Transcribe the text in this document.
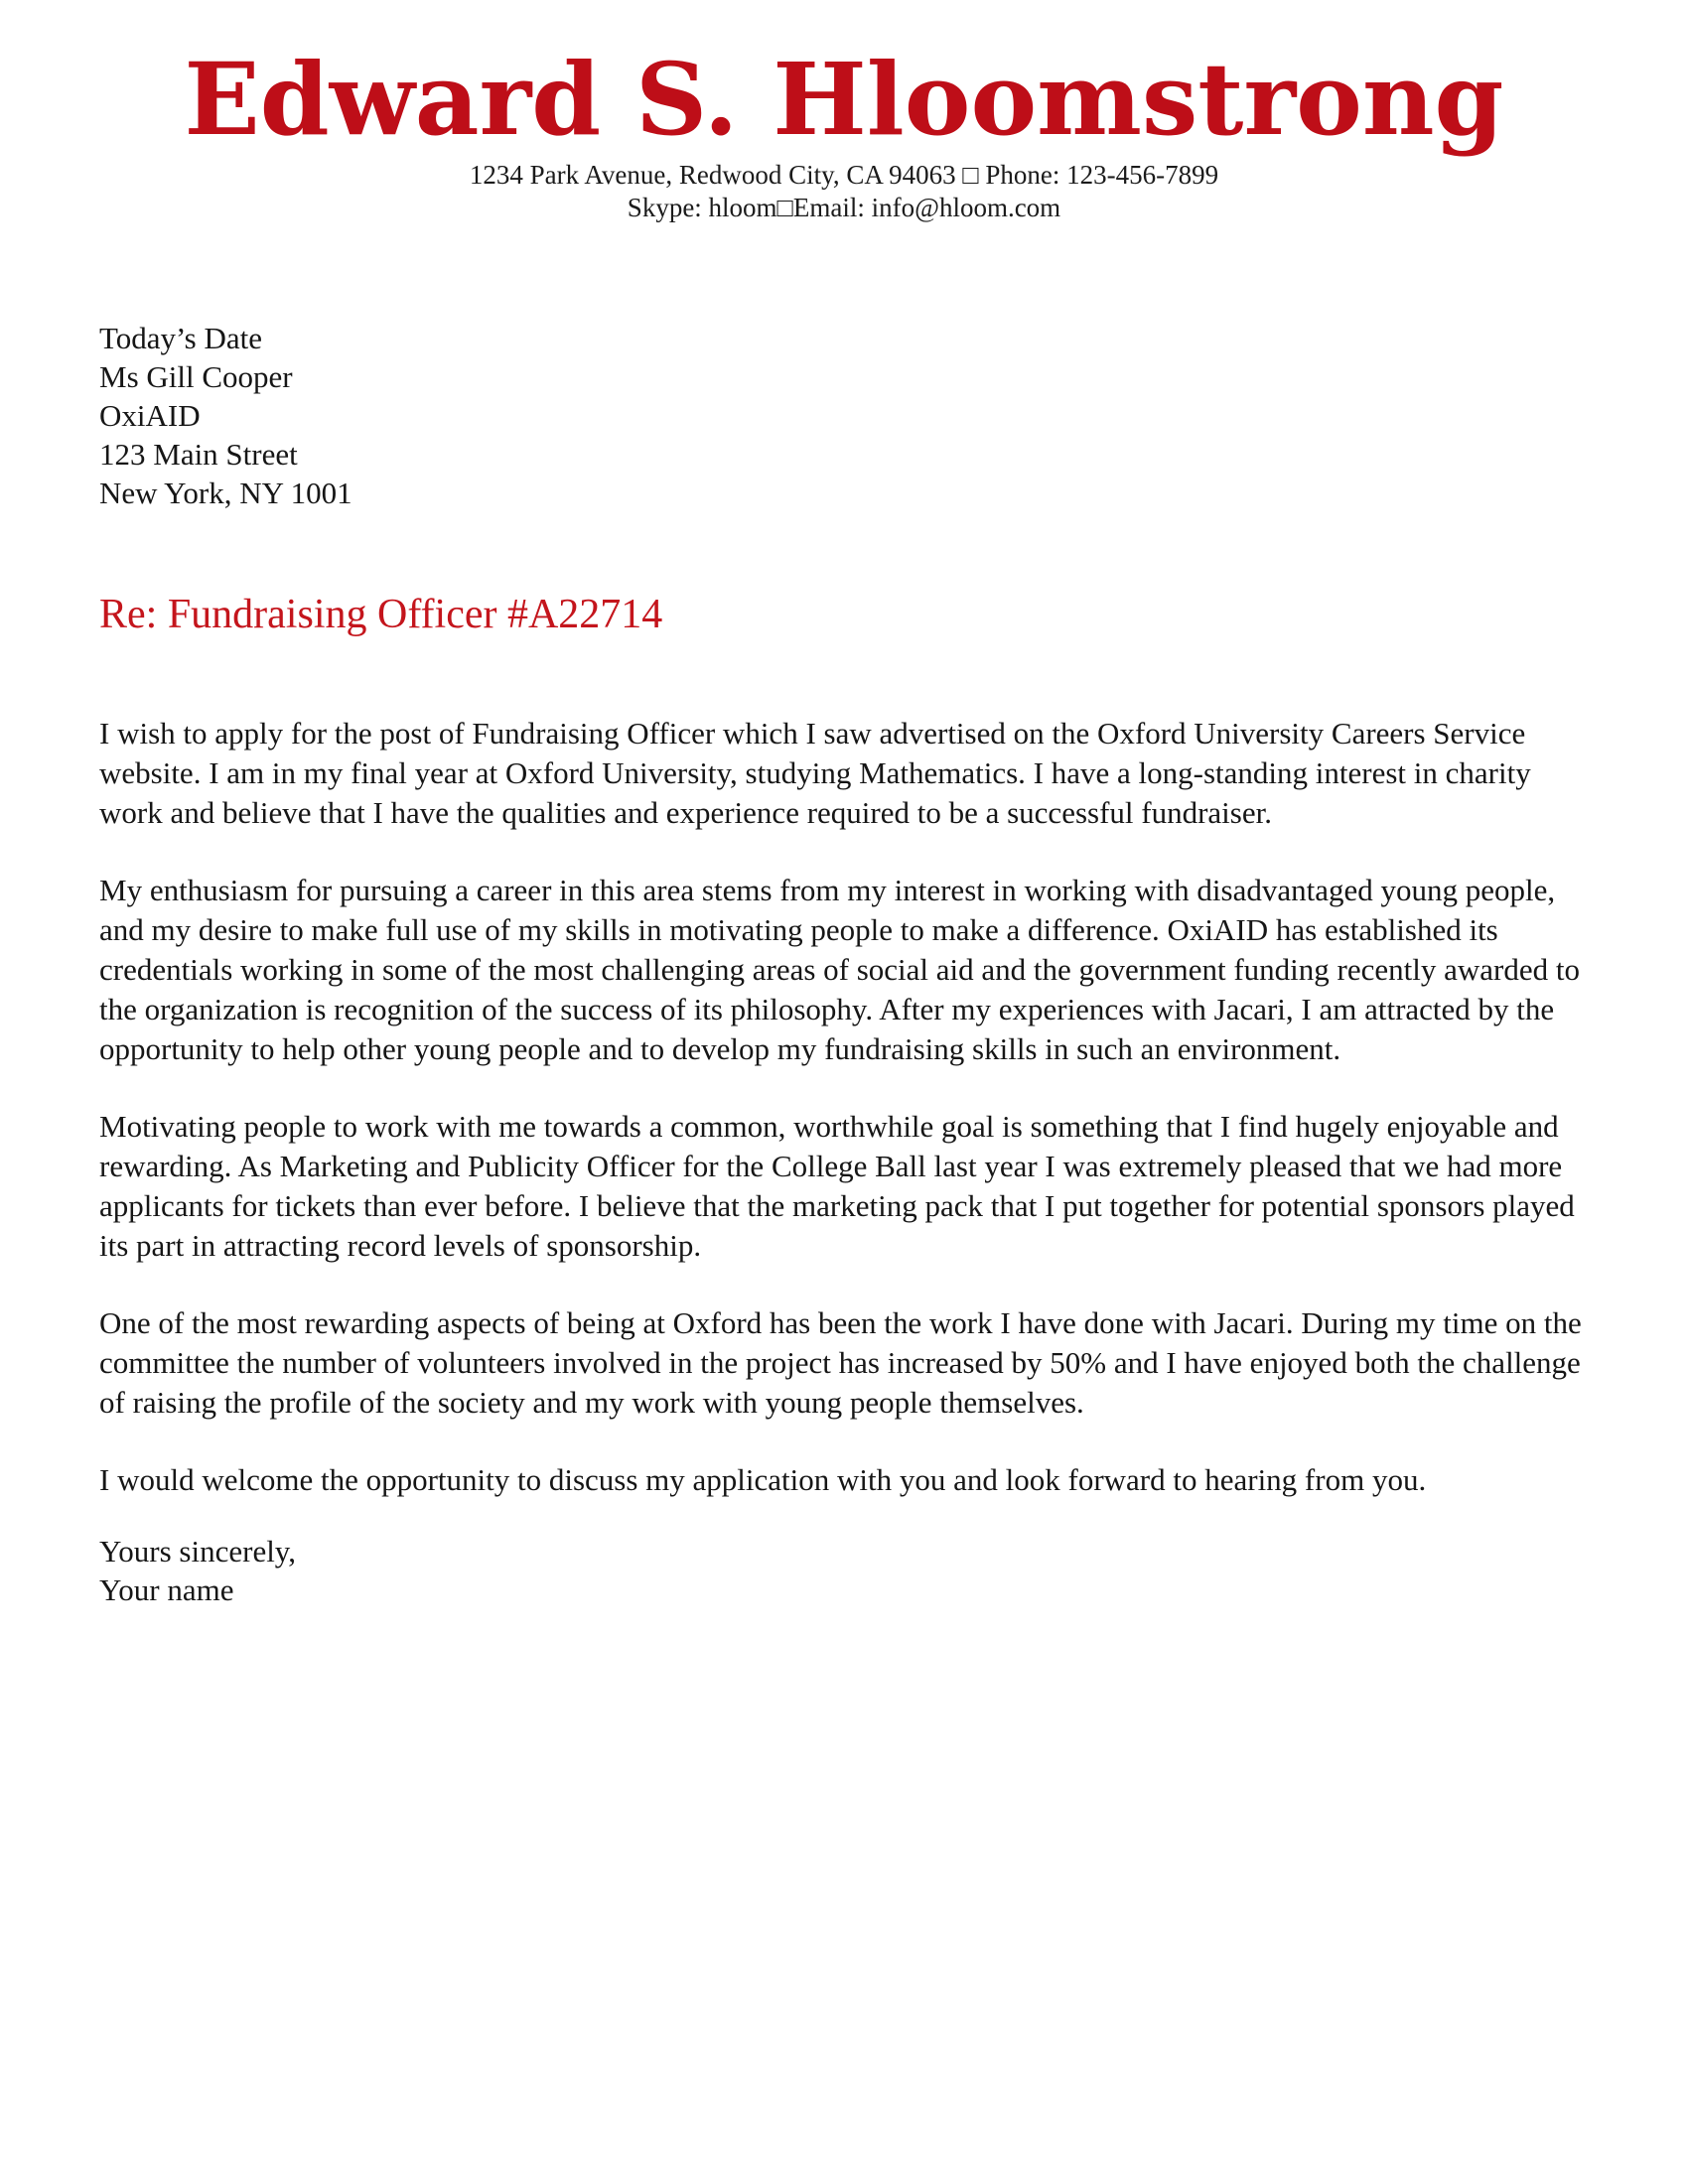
Edward S. Hloomstrong
1234 Park Avenue, Redwood City, CA 94063 □ Phone: 123-456-7899
Skype: hloom□Email: info@hloom.com
Today’s Date
Ms Gill Cooper
OxiAID
123 Main Street
New York, NY 1001
Re: Fundraising Officer #A22714

I wish to apply for the post of Fundraising Officer which I saw advertised on the Oxford University Careers Service website. I am in my final year at Oxford University, studying Mathematics. I have a long-standing interest in charity work and believe that I have the qualities and experience required to be a successful fundraiser.

My enthusiasm for pursuing a career in this area stems from my interest in working with disadvantaged young people, and my desire to make full use of my skills in motivating people to make a difference. OxiAID has established its credentials working in some of the most challenging areas of social aid and the government funding recently awarded to the organization is recognition of the success of its philosophy. After my experiences with Jacari, I am attracted by the opportunity to help other young people and to develop my fundraising skills in such an environment.

Motivating people to work with me towards a common, worthwhile goal is something that I find hugely enjoyable and rewarding. As Marketing and Publicity Officer for the College Ball last year I was extremely pleased that we had more applicants for tickets than ever before. I believe that the marketing pack that I put together for potential sponsors played its part in attracting record levels of sponsorship.

One of the most rewarding aspects of being at Oxford has been the work I have done with Jacari. During my time on the committee the number of volunteers involved in the project has increased by 50% and I have enjoyed both the challenge of raising the profile of the society and my work with young people themselves.

I would welcome the opportunity to discuss my application with you and look forward to hearing from you.

Yours sincerely,
Your name
